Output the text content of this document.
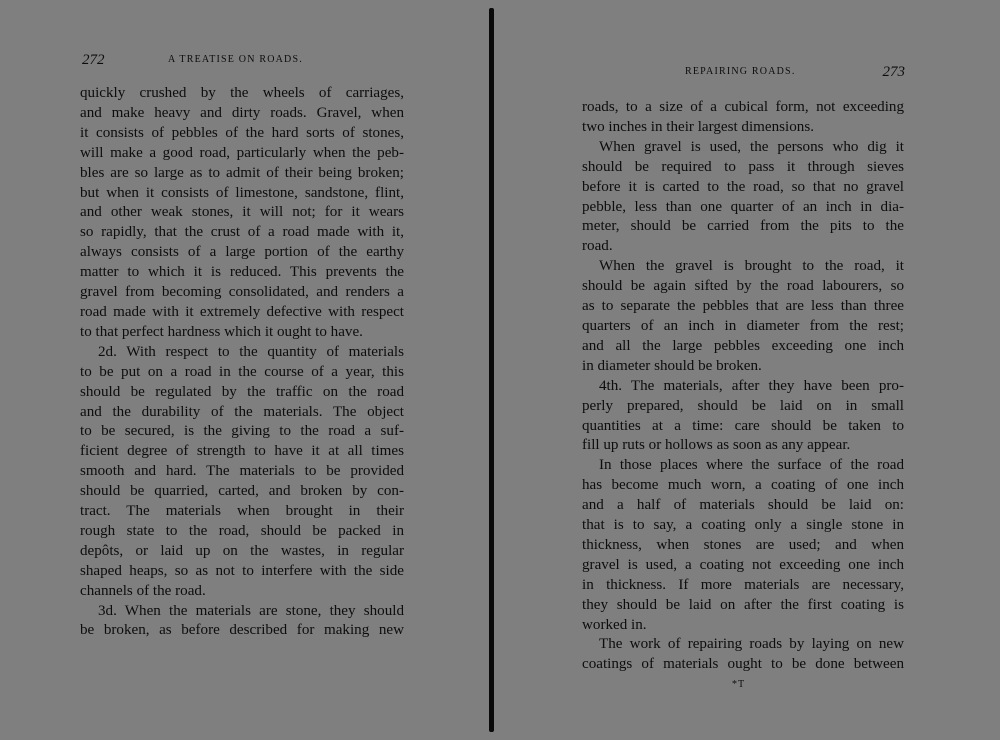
272	A TREATISE ON ROADS.
quickly crushed by the wheels of carriages,
and make heavy and dirty roads. Gravel, when
it consists of pebbles of the hard sorts of stones,
will make a good road, particularly when the peb-
bles are so large as to admit of their being broken;
but when it consists of limestone, sandstone, flint,
and other weak stones, it will not; for it wears
so rapidly, that the crust of a road made with it,
always consists of a large portion of the earthy
matter to which it is reduced. This prevents the
gravel from becoming consolidated, and renders a
road made with it extremely defective with respect
to that perfect hardness which it ought to have.
2d. With respect to the quantity of materials
to be put on a road in the course of a year, this
should be regulated by the traffic on the road
and the durability of the materials. The object
to be secured, is the giving to the road a suf-
ficient degree of strength to have it at all times
smooth and hard. The materials to be provided
should be quarried, carted, and broken by con-
tract. The materials when brought in their
rough state to the road, should be packed in
depôts, or laid up on the wastes, in regular
shaped heaps, so as not to interfere with the side
channels of the road.
3d. When the materials are stone, they should
be broken, as before described for making new
REPAIRING ROADS.	273
roads, to a size of a cubical form, not exceeding
two inches in their largest dimensions.
When gravel is used, the persons who dig it
should be required to pass it through sieves
before it is carted to the road, so that no gravel
pebble, less than one quarter of an inch in dia-
meter, should be carried from the pits to the
road.
When the gravel is brought to the road, it
should be again sifted by the road labourers, so
as to separate the pebbles that are less than three
quarters of an inch in diameter from the rest;
and all the large pebbles exceeding one inch
in diameter should be broken.
4th. The materials, after they have been pro-
perly prepared, should be laid on in small
quantities at a time: care should be taken to
fill up ruts or hollows as soon as any appear.
In those places where the surface of the road
has become much worn, a coating of one inch
and a half of materials should be laid on:
that is to say, a coating only a single stone in
thickness, when stones are used; and when
gravel is used, a coating not exceeding one inch
in thickness. If more materials are necessary,
they should be laid on after the first coating is
worked in.
The work of repairing roads by laying on new
coatings of materials ought to be done between
*T
